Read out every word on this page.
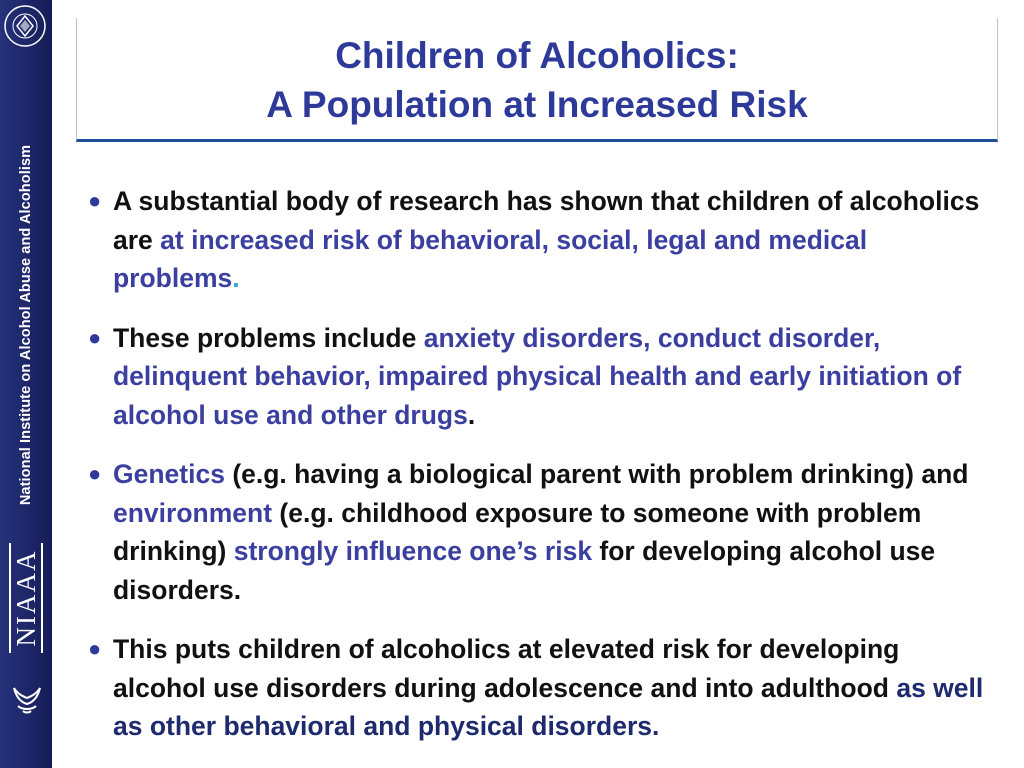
National Institute on Alcohol Abuse and Alcoholism
NIAAA
Children of Alcoholics:
A Population at Increased Risk

● A substantial body of research has shown that children of alcoholics are at increased risk of behavioral, social, legal and medical problems.

● These problems include anxiety disorders, conduct disorder, delinquent behavior, impaired physical health and early initiation of alcohol use and other drugs.

● Genetics (e.g. having a biological parent with problem drinking) and environment (e.g. childhood exposure to someone with problem drinking) strongly influence one’s risk for developing alcohol use disorders.

● This puts children of alcoholics at elevated risk for developing alcohol use disorders during adolescence and into adulthood as well as other behavioral and physical disorders.
